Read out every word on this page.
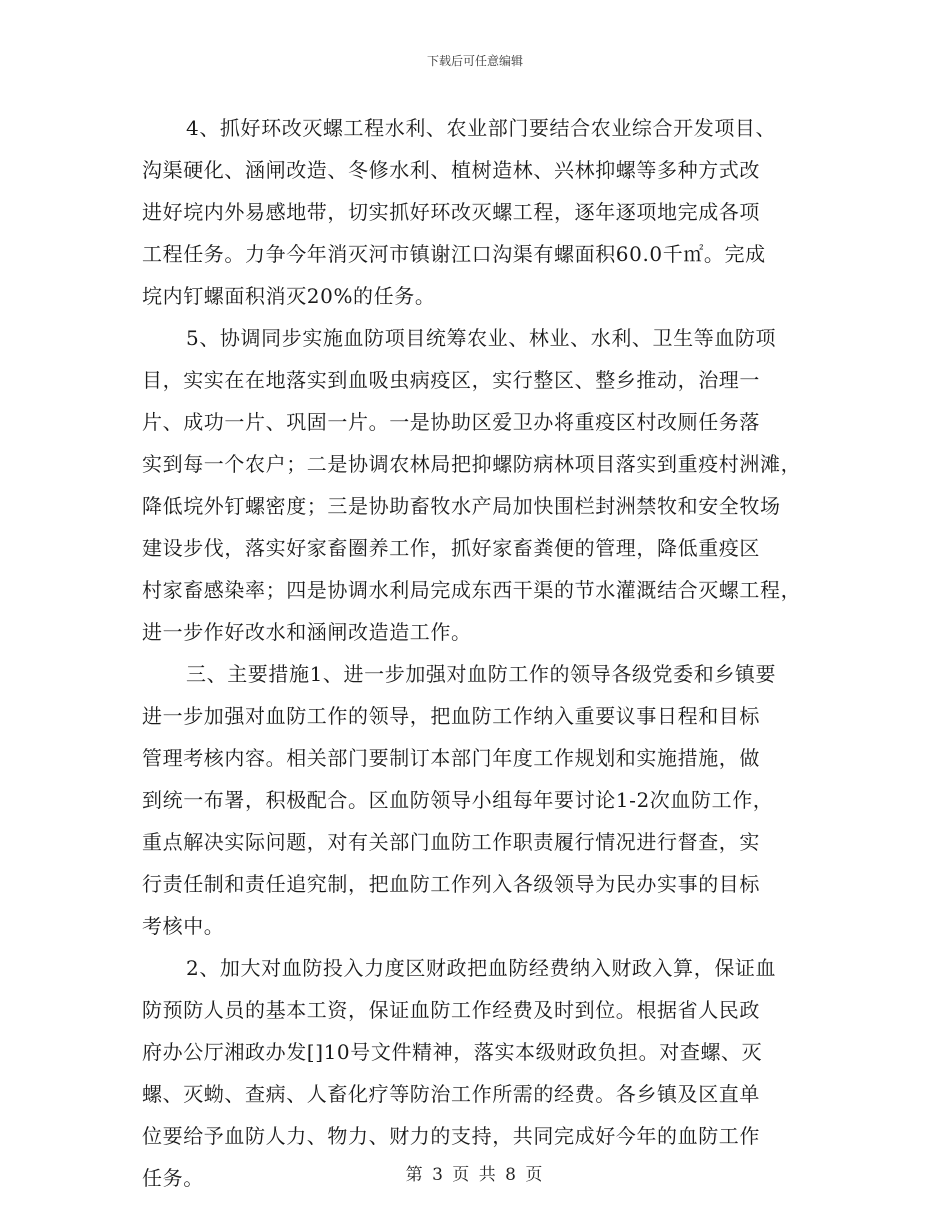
下载后可任意编辑
4、抓好环改灭螺工程水利、农业部门要结合农业综合开发项目、
沟渠硬化、涵闸改造、冬修水利、植树造林、兴林抑螺等多种方式改
进好垸内外易感地带，切实抓好环改灭螺工程，逐年逐项地完成各项
工程任务。力争今年消灭河市镇谢江口沟渠有螺面积60.0千㎡。完成
垸内钉螺面积消灭20%的任务。
5、协调同步实施血防项目统筹农业、林业、水利、卫生等血防项
目，实实在在地落实到血吸虫病疫区，实行整区、整乡推动，治理一
片、成功一片、巩固一片。一是协助区爱卫办将重疫区村改厕任务落
实到每一个农户；二是协调农林局把抑螺防病林项目落实到重疫村洲滩，
降低垸外钉螺密度；三是协助畜牧水产局加快围栏封洲禁牧和安全牧场
建设步伐，落实好家畜圈养工作，抓好家畜粪便的管理，降低重疫区
村家畜感染率；四是协调水利局完成东西干渠的节水灌溉结合灭螺工程，
进一步作好改水和涵闸改造造工作。
三、主要措施1、进一步加强对血防工作的领导各级党委和乡镇要
进一步加强对血防工作的领导，把血防工作纳入重要议事日程和目标
管理考核内容。相关部门要制订本部门年度工作规划和实施措施，做
到统一布署，积极配合。区血防领导小组每年要讨论1-2次血防工作，
重点解决实际问题，对有关部门血防工作职责履行情况进行督查，实
行责任制和责任追究制，把血防工作列入各级领导为民办实事的目标
考核中。
2、加大对血防投入力度区财政把血防经费纳入财政入算，保证血
防预防人员的基本工资，保证血防工作经费及时到位。根据省人民政
府办公厅湘政办发[]10号文件精神，落实本级财政负担。对查螺、灭
螺、灭蚴、查病、人畜化疗等防治工作所需的经费。各乡镇及区直单
位要给予血防人力、物力、财力的支持，共同完成好今年的血防工作
任务。	第 3 页 共 8 页
